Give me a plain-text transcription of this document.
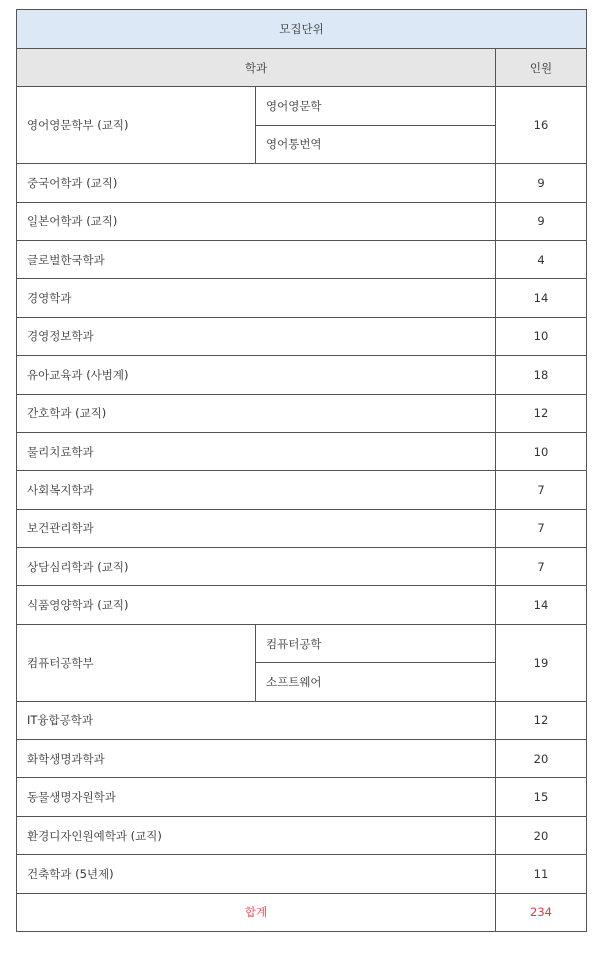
모집단위		
학과		인원
영어영문학부 (교직)	영어영문학	16
	영어통번역	
중국어학과 (교직)		9
일본어학과 (교직)		9
글로벌한국학과		4
경영학과		14
경영정보학과		10
유아교육과 (사범계)		18
간호학과 (교직)		12
물리치료학과		10
사회복지학과		7
보건관리학과		7
상담심리학과 (교직)		7
식품영양학과 (교직)		14
컴퓨터공학부	컴퓨터공학	19
	소프트웨어	
IT융합공학과		12
화학생명과학과		20
동물생명자원학과		15
환경디자인원예학과 (교직)		20
건축학과 (5년제)		11
합계		234
